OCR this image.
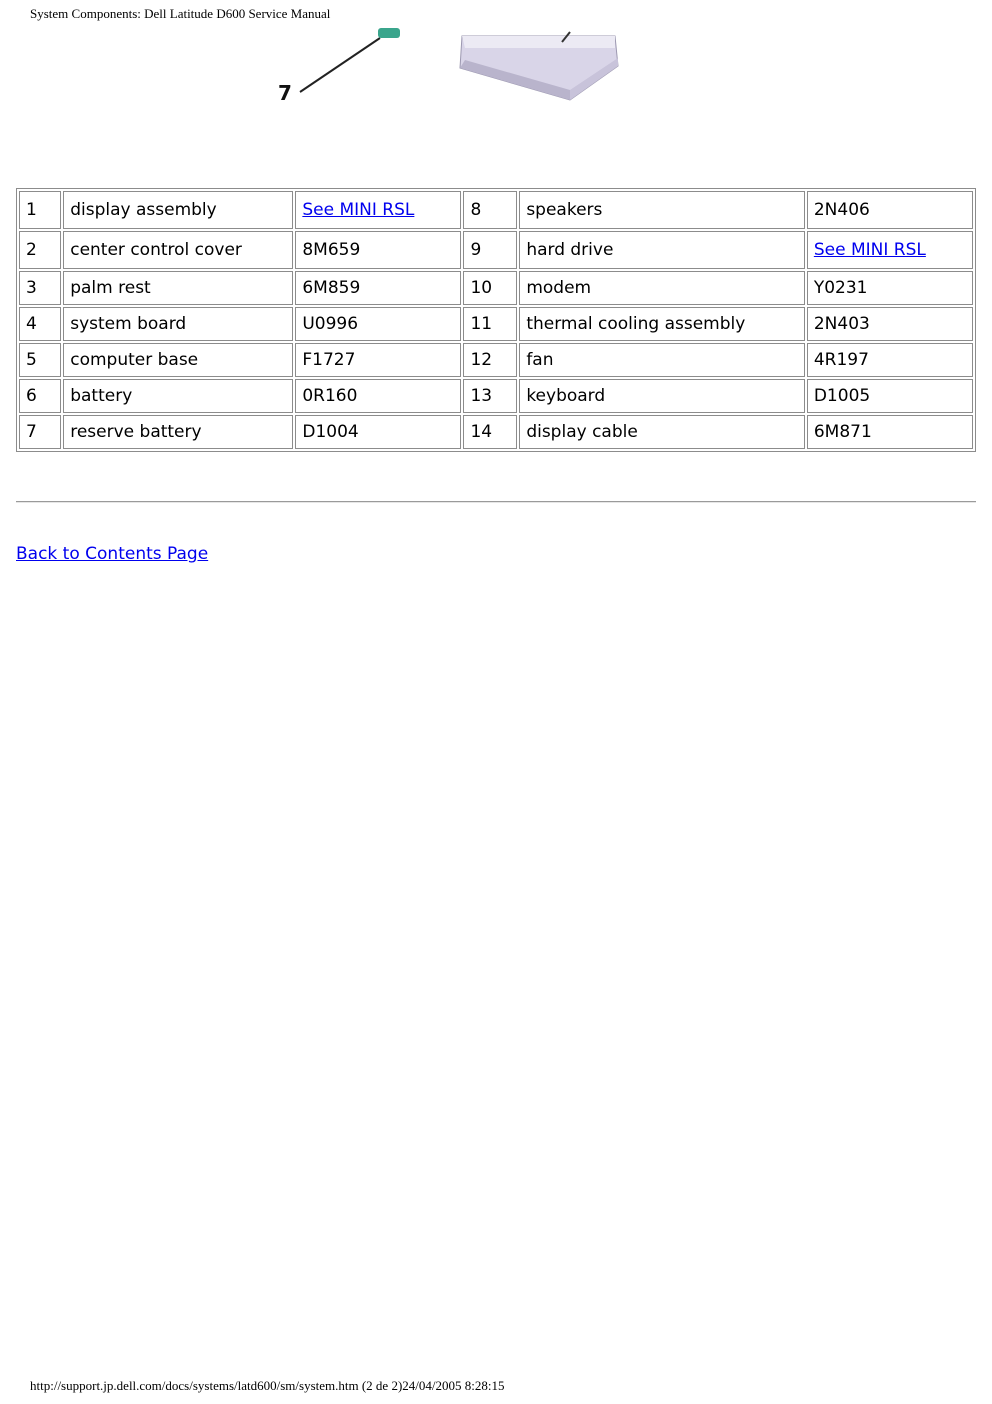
System Components: Dell Latitude D600 Service Manual
7
1	display assembly	See MINI RSL	8	speakers	2N406
2	center control cover	8M659	9	hard drive	See MINI RSL
3	palm rest	6M859	10	modem	Y0231
4	system board	U0996	11	thermal cooling assembly	2N403
5	computer base	F1727	12	fan	4R197
6	battery	0R160	13	keyboard	D1005
7	reserve battery	D1004	14	display cable	6M871
Back to Contents Page
http://support.jp.dell.com/docs/systems/latd600/sm/system.htm (2 de 2)24/04/2005 8:28:15
